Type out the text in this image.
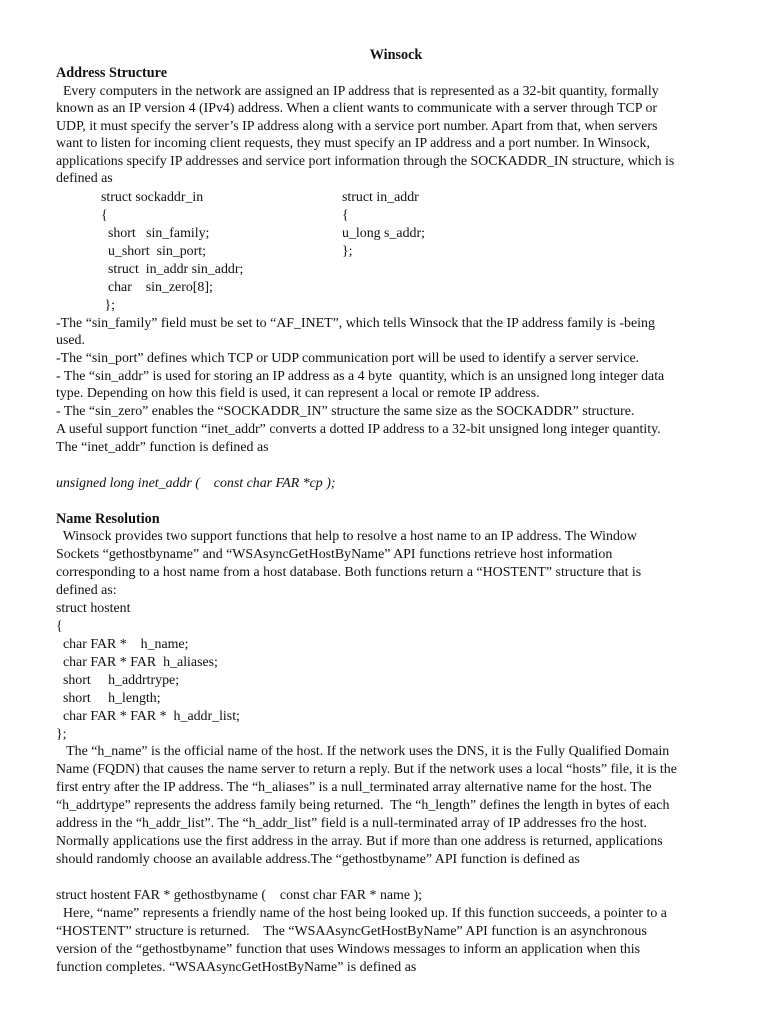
Winsock
Address Structure
Every computers in the network are assigned an IP address that is represented as a 32-bit quantity, formally
known as an IP version 4 (IPv4) address. When a client wants to communicate with a server through TCP or
UDP, it must specify the server’s IP address along with a service port number. Apart from that, when servers
want to listen for incoming client requests, they must specify an IP address and a port number. In Winsock,
applications specify IP addresses and service port information through the SOCKADDR_IN structure, which is
defined as
struct sockaddr_in
{
short   sin_family;
u_short  sin_port;
struct  in_addr sin_addr;
char    sin_zero[8];
};
struct in_addr
{
u_long s_addr;
};
-The “sin_family” field must be set to “AF_INET”, which tells Winsock that the IP address family is -being
used.
-The “sin_port” defines which TCP or UDP communication port will be used to identify a server service.
- The “sin_addr” is used for storing an IP address as a 4 byte  quantity, which is an unsigned long integer data
type. Depending on how this field is used, it can represent a local or remote IP address.
- The “sin_zero” enables the “SOCKADDR_IN” structure the same size as the SOCKADDR” structure.
A useful support function “inet_addr” converts a dotted IP address to a 32-bit unsigned long integer quantity.
The “inet_addr” function is defined as
unsigned long inet_addr (    const char FAR *cp );
Name Resolution
Winsock provides two support functions that help to resolve a host name to an IP address. The Window
Sockets “gethostbyname” and “WSAsyncGetHostByName” API functions retrieve host information
corresponding to a host name from a host database. Both functions return a “HOSTENT” structure that is
defined as:
struct hostent
{
char FAR *    h_name;
char FAR * FAR  h_aliases;
short     h_addrtrype;
short     h_length;
char FAR * FAR *  h_addr_list;
};
The “h_name” is the official name of the host. If the network uses the DNS, it is the Fully Qualified Domain
Name (FQDN) that causes the name server to return a reply. But if the network uses a local “hosts” file, it is the
first entry after the IP address. The “h_aliases” is a null_terminated array alternative name for the host. The
“h_addrtype” represents the address family being returned.  The “h_length” defines the length in bytes of each
address in the “h_addr_list”. The “h_addr_list” field is a null-terminated array of IP addresses fro the host.
Normally applications use the first address in the array. But if more than one address is returned, applications
should randomly choose an available address.The “gethostbyname” API function is defined as
struct hostent FAR * gethostbyname (    const char FAR * name );
Here, “name” represents a friendly name of the host being looked up. If this function succeeds, a pointer to a
“HOSTENT” structure is returned.    The “WSAAsyncGetHostByName” API function is an asynchronous
version of the “gethostbyname” function that uses Windows messages to inform an application when this
function completes. “WSAAsyncGetHostByName” is defined as
